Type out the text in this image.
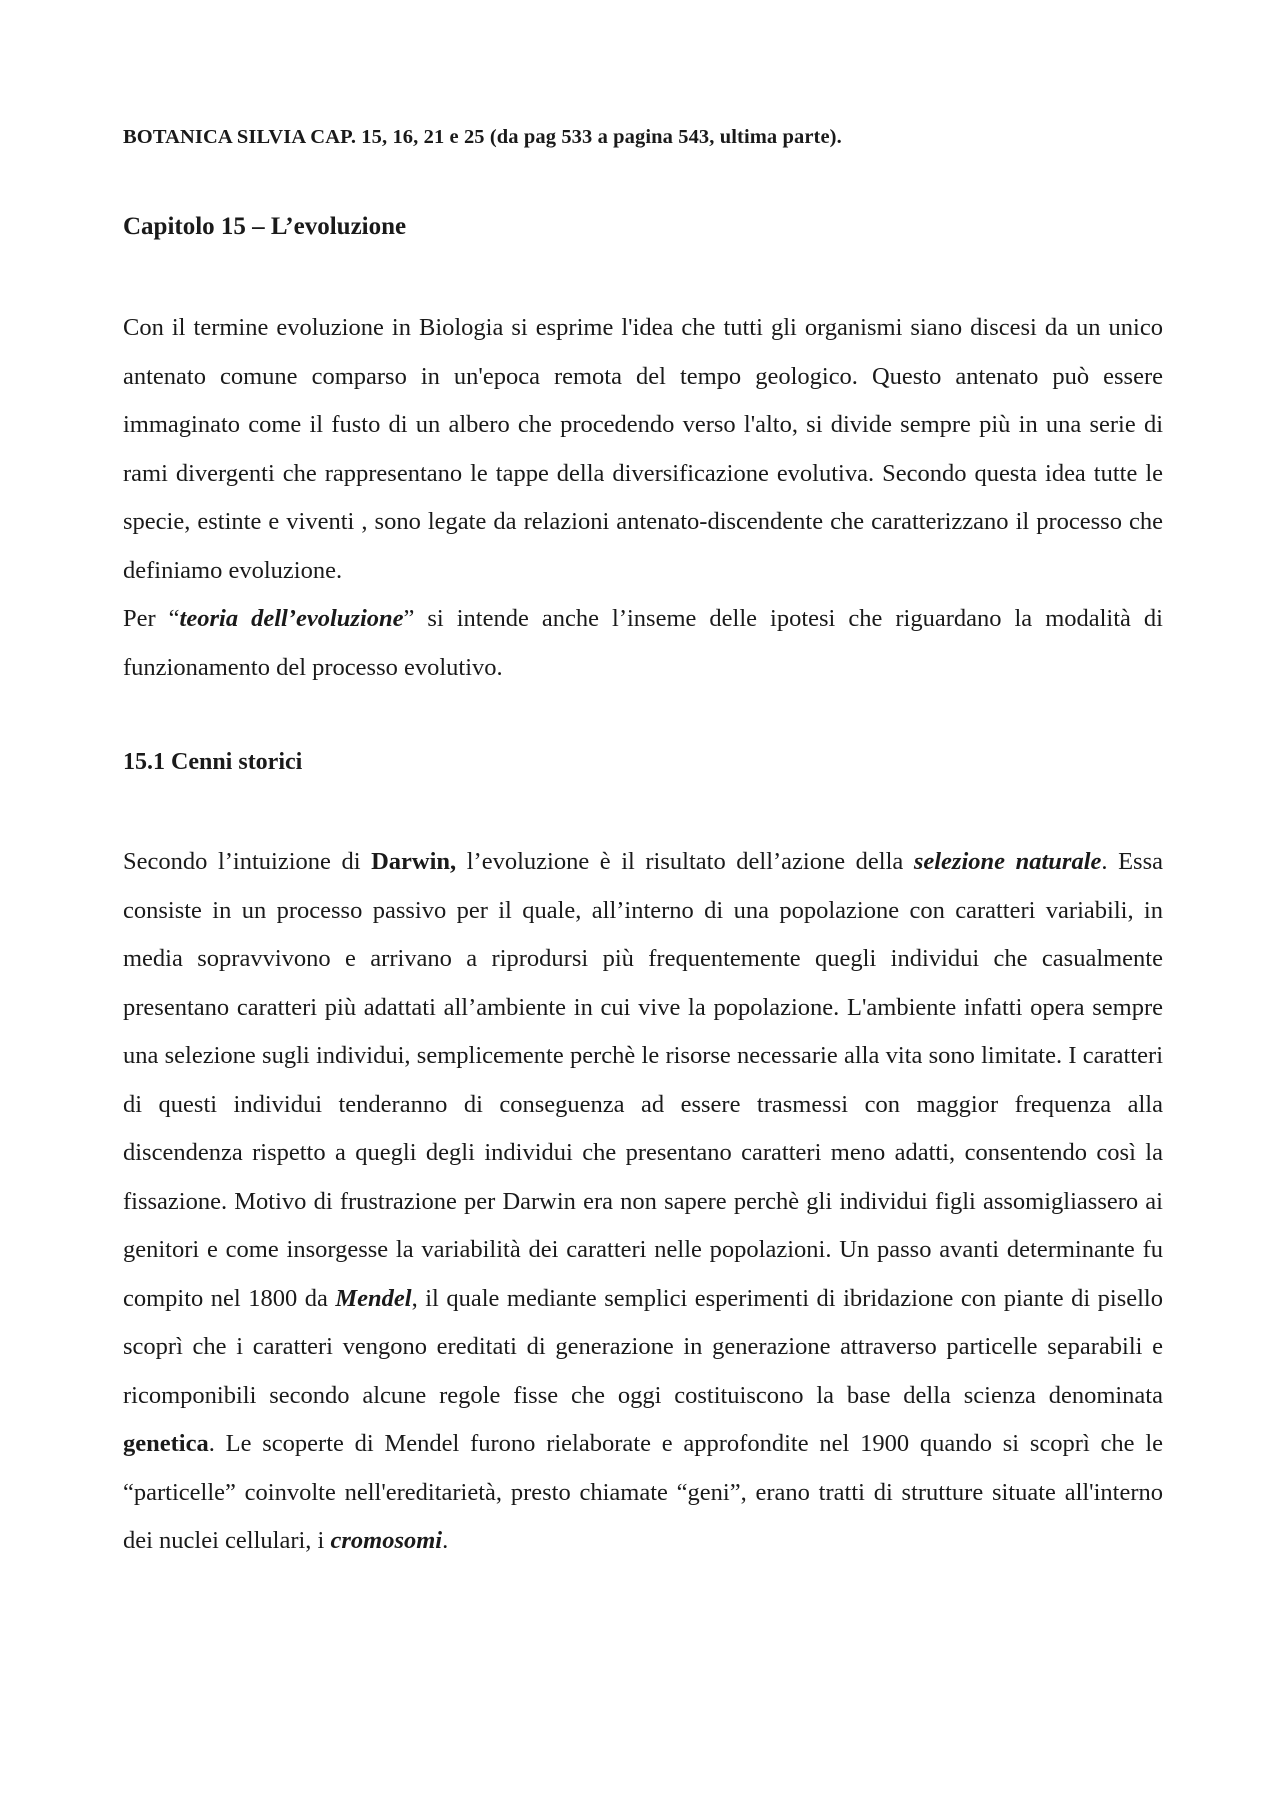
BOTANICA SILVIA CAP. 15, 16, 21 e 25 (da pag 533 a pagina 543, ultima parte).
Capitolo 15 – L’evoluzione

Con il termine evoluzione in Biologia si esprime l'idea che tutti gli organismi siano discesi da un unico antenato comune comparso in un'epoca remota del tempo geologico. Questo antenato può essere immaginato come il fusto di un albero che procedendo verso l'alto, si divide sempre più in una serie di rami divergenti che rappresentano le tappe della diversificazione evolutiva. Secondo questa idea tutte le specie, estinte e viventi , sono legate da relazioni antenato-discendente che caratterizzano il processo che definiamo evoluzione.
Per “teoria dell’evoluzione” si intende anche l’inseme delle ipotesi che riguardano la modalità di funzionamento del processo evolutivo.

15.1 Cenni storici

Secondo l’intuizione di Darwin, l’evoluzione è il risultato dell’azione della selezione naturale. Essa consiste in un processo passivo per il quale, all’interno di una popolazione con caratteri variabili, in media sopravvivono e arrivano a riprodursi più frequentemente quegli individui che casualmente presentano caratteri più adattati all’ambiente in cui vive la popolazione. L'ambiente infatti opera sempre una selezione sugli individui, semplicemente perchè le risorse necessarie alla vita sono limitate. I caratteri di questi individui tenderanno di conseguenza ad essere trasmessi con maggior frequenza alla discendenza rispetto a quegli degli individui che presentano caratteri meno adatti, consentendo così la fissazione. Motivo di frustrazione per Darwin era non sapere perchè gli individui figli assomigliassero ai genitori e come insorgesse la variabilità dei caratteri nelle popolazioni. Un passo avanti determinante fu compito nel 1800 da Mendel, il quale mediante semplici esperimenti di ibridazione con piante di pisello scoprì che i caratteri vengono ereditati di generazione in generazione attraverso particelle separabili e ricomponibili secondo alcune regole fisse che oggi costituiscono la base della scienza denominata genetica. Le scoperte di Mendel furono rielaborate e approfondite nel 1900 quando si scoprì che le “particelle” coinvolte nell'ereditarietà, presto chiamate “geni”, erano tratti di strutture situate all'interno dei nuclei cellulari, i cromosomi.
